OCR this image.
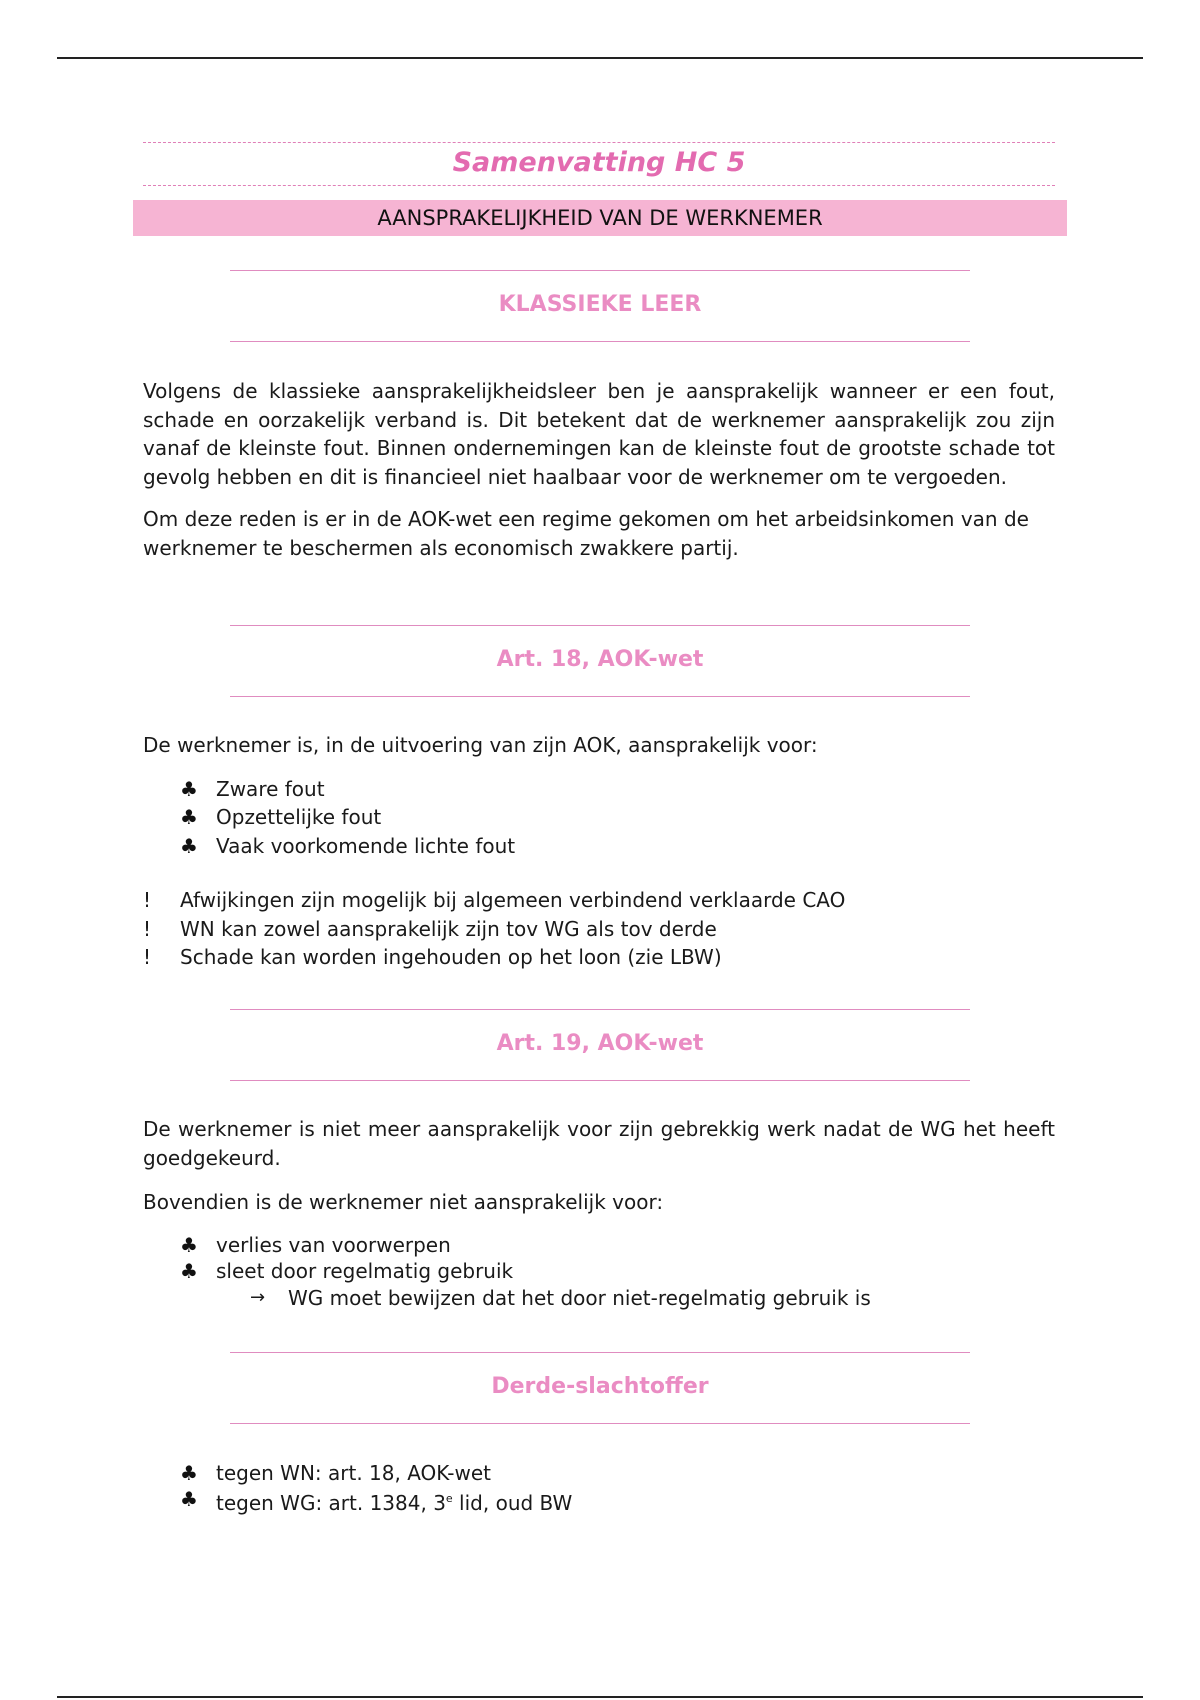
Samenvatting HC 5
AANSPRAKELIJKHEID VAN DE WERKNEMER
KLASSIEKE LEER

Volgens de klassieke aansprakelijkheidsleer ben je aansprakelijk wanneer er een fout, schade en oorzakelijk verband is. Dit betekent dat de werknemer aansprakelijk zou zijn vanaf de kleinste fout. Binnen ondernemingen kan de kleinste fout de grootste schade tot gevolg hebben en dit is financieel niet haalbaar voor de werknemer om te vergoeden.

Om deze reden is er in de AOK-wet een regime gekomen om het arbeidsinkomen van de werknemer te beschermen als economisch zwakkere partij.

Art. 18, AOK-wet

De werknemer is, in de uitvoering van zijn AOK, aansprakelijk voor:

♣ Zware fout
♣ Opzettelijke fout
♣ Vaak voorkomende lichte fout
! Afwijkingen zijn mogelijk bij algemeen verbindend verklaarde CAO
! WN kan zowel aansprakelijk zijn tov WG als tov derde
! Schade kan worden ingehouden op het loon (zie LBW)
Art. 19, AOK-wet

De werknemer is niet meer aansprakelijk voor zijn gebrekkig werk nadat de WG het heeft goedgekeurd.

Bovendien is de werknemer niet aansprakelijk voor:

♣ verlies van voorwerpen
♣ sleet door regelmatig gebruik
→ WG moet bewijzen dat het door niet-regelmatig gebruik is
Derde-slachtoffer
♣ tegen WN: art. 18, AOK-wet
♣ tegen WG: art. 1384, 3e lid, oud BW
